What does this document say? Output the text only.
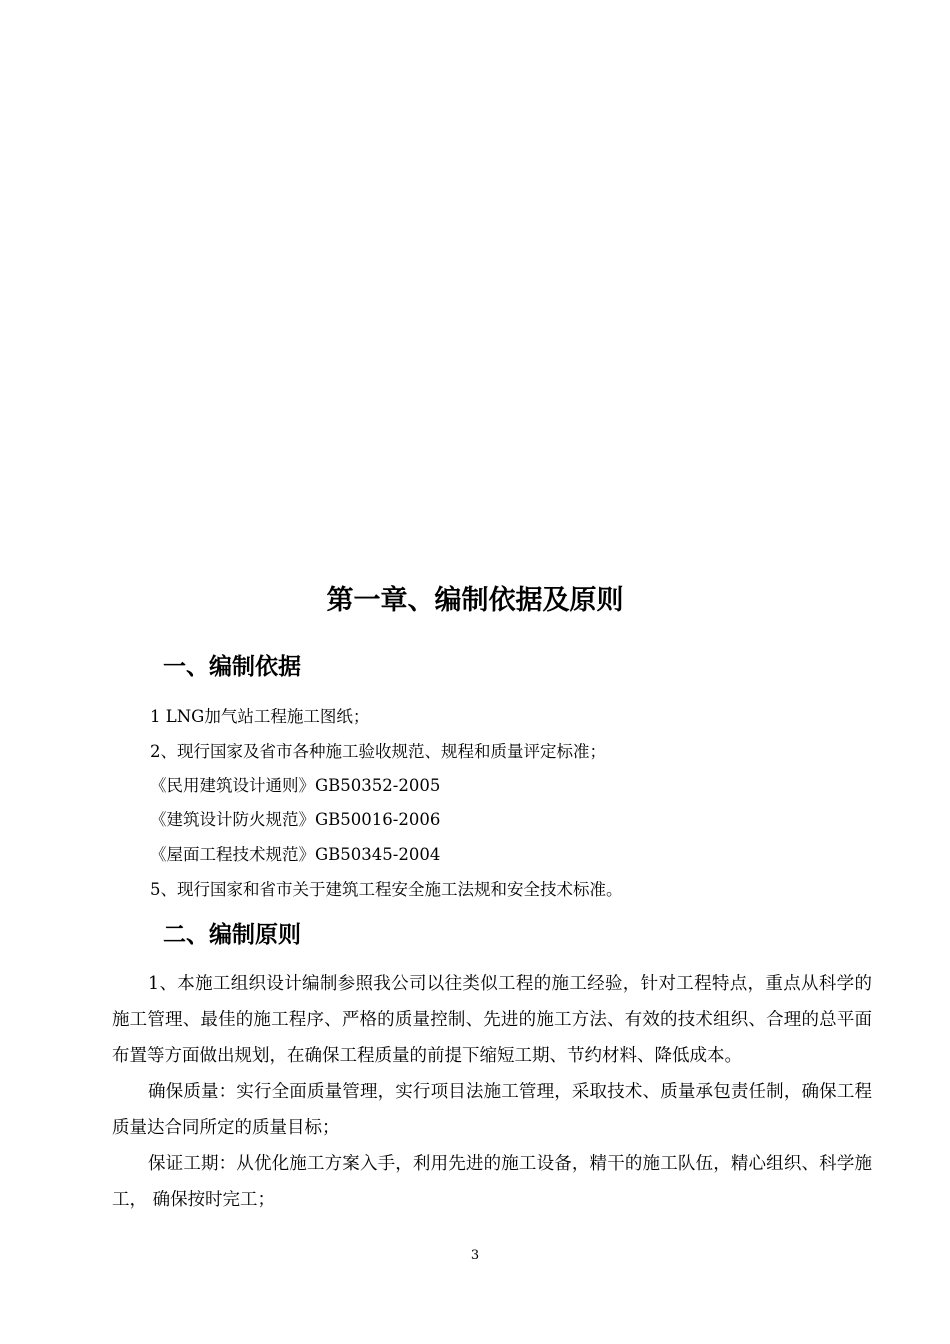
第一章、编制依据及原则
一、编制依据

1 LNG加气站工程施工图纸；

2、现行国家及省市各种施工验收规范、规程和质量评定标准；

《民用建筑设计通则》GB50352-2005

《建筑设计防火规范》GB50016-2006

《屋面工程技术规范》GB50345-2004

5、现行国家和省市关于建筑工程安全施工法规和安全技术标准。

二、编制原则

1、本施工组织设计编制参照我公司以往类似工程的施工经验，针对工程特点，重点从科学的施工管理、最佳的施工程序、严格的质量控制、先进的施工方法、有效的技术组织、合理的总平面布置等方面做出规划，在确保工程质量的前提下缩短工期、节约材料、降低成本。

确保质量：实行全面质量管理，实行项目法施工管理，采取技术、质量承包责任制，确保工程质量达合同所定的质量目标；

保证工期：从优化施工方案入手，利用先进的施工设备，精干的施工队伍，精心组织、科学施工， 确保按时完工；

3
